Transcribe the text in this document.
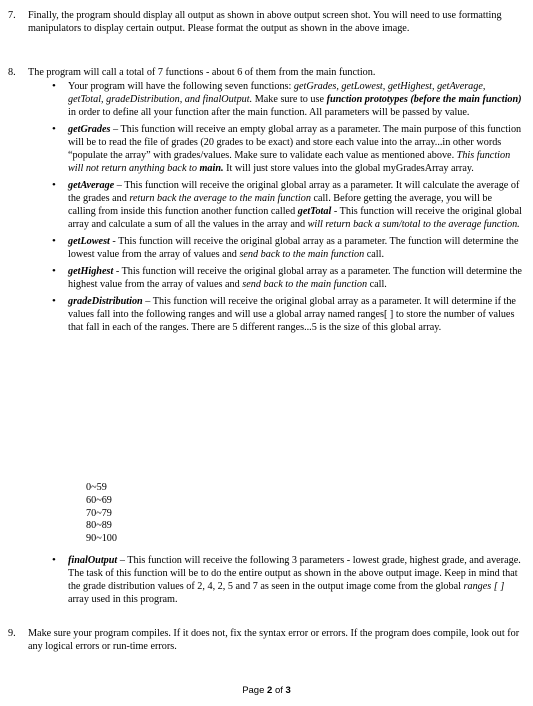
7. Finally, the program should display all output as shown in above output screen shot. You will need to use formatting manipulators to display certain output. Please format the output as shown in the above image.
8. The program will call a total of 7 functions - about 6 of them from the main function.
• Your program will have the following seven functions: getGrades, getLowest, getHighest, getAverage, getTotal, gradeDistribution, and finalOutput. Make sure to use function prototypes (before the main function) in order to define all your function after the main function. All parameters will be passed by value.
• getGrades – This function will receive an empty global array as a parameter. The main purpose of this function will be to read the file of grades (20 grades to be exact) and store each value into the array...in other words “populate the array” with grades/values. Make sure to validate each value as mentioned above. This function will not return anything back to main. It will just store values into the global myGradesArray array.
• getAverage – This function will receive the original global array as a parameter. It will calculate the average of the grades and return back the average to the main function call. Before getting the average, you will be calling from inside this function another function called getTotal - This function will receive the original global array and calculate a sum of all the values in the array and will return back a sum/total to the average function.
• getLowest - This function will receive the original global array as a parameter. The function will determine the lowest value from the array of values and send back to the main function call.
• getHighest - This function will receive the original global array as a parameter. The function will determine the highest value from the array of values and send back to the main function call.
• gradeDistribution – This function will receive the original global array as a parameter. It will determine if the values fall into the following ranges and will use a global array named ranges[ ] to store the number of values that fall in each of the ranges. There are 5 different ranges...5 is the size of this global array.
0~59
60~69
70~79
80~89
90~100
• finalOutput – This function will receive the following 3 parameters - lowest grade, highest grade, and average. The task of this function will be to do the entire output as shown in the above output image. Keep in mind that the grade distribution values of 2, 4, 2, 5 and 7 as seen in the output image come from the global ranges [ ] array used in this program.
9. Make sure your program compiles. If it does not, fix the syntax error or errors. If the program does compile, look out for any logical errors or run-time errors.
Page 2 of 3
